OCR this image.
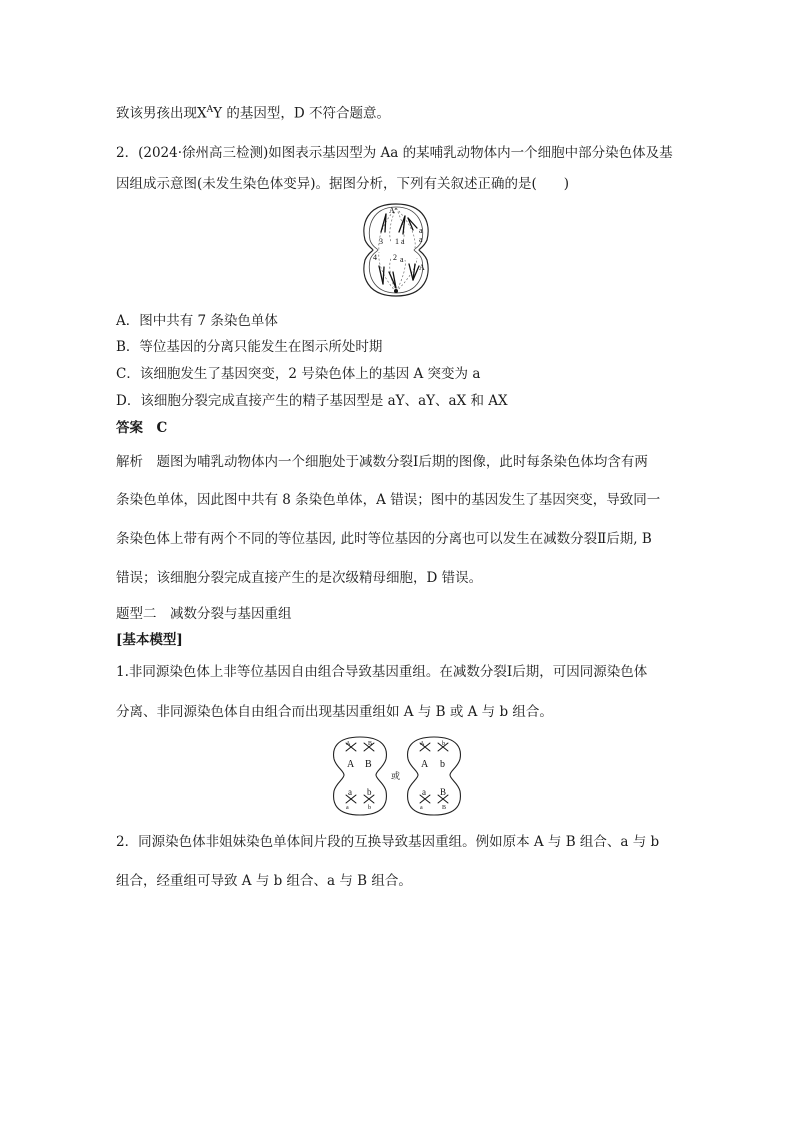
致该男孩出现$X^AY$ 的基因型，D 不符合题意。
2．(2024·徐州高三检测)如图表示基因型为 Aa 的某哺乳动物体内一个细胞中部分染色体及基
因组成示意图(未发生染色体变异)。据图分析，下列有关叙述正确的是(　　)
A
a
3 1 a a
4 2 a
A
A．图中共有 7 条染色单体
B．等位基因的分离只能发生在图示所处时期
C．该细胞发生了基因突变，2 号染色体上的基因 A 突变为 a
D．该细胞分裂完成直接产生的精子基因型是 aY、aY、aX 和 AX
答案　C
解析　题图为哺乳动物体内一个细胞处于减数分裂Ⅰ后期的图像，此时每条染色体均含有两
条染色单体，因此图中共有 8 条染色单体，A 错误；图中的基因发生了基因突变，导致同一
条染色体上带有两个不同的等位基因, 此时等位基因的分离也可以发生在减数分裂Ⅱ后期, B
错误；该细胞分裂完成直接产生的是次级精母细胞，D 错误。
题型二　减数分裂与基因重组
[基本模型]
1.非同源染色体上非等位基因自由组合导致基因重组。在减数分裂Ⅰ后期，可因同源染色体
分离、非同源染色体自由组合而出现基因重组如 A 与 B 或 A 与 b 组合。
A	B
A B
a b
a	b
或
A	b
A b
a B
a	B
2．同源染色体非姐妹染色单体间片段的互换导致基因重组。例如原本 A 与 B 组合、a 与 b
组合，经重组可导致 A 与 b 组合、a 与 B 组合。
